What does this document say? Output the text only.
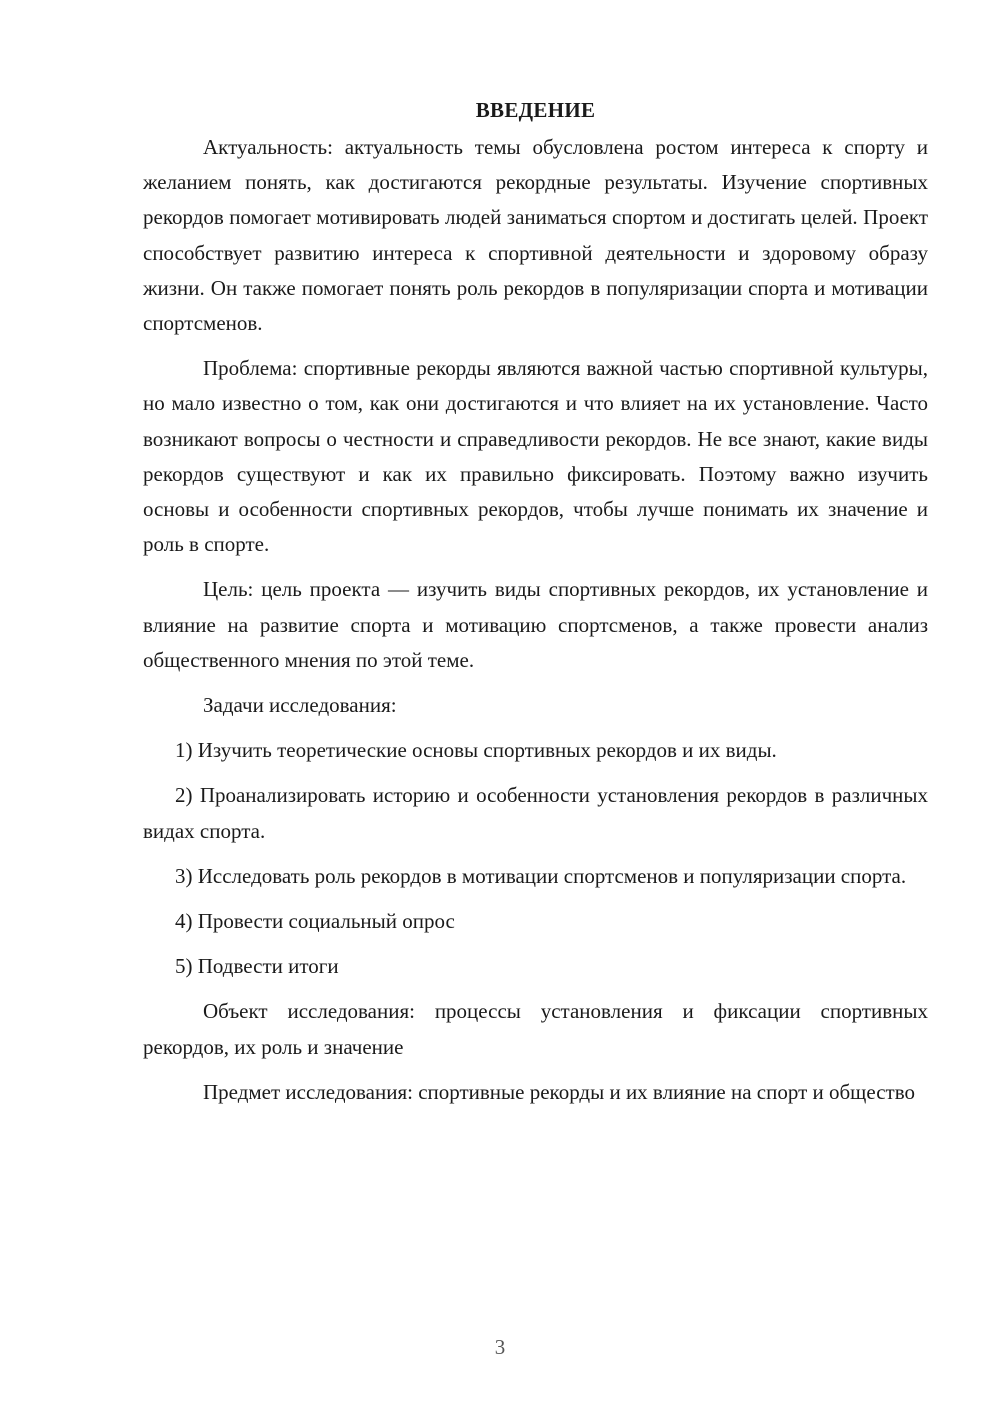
ВВЕДЕНИЕ

Актуальность: актуальность темы обусловлена ростом интереса к спорту и желанием понять, как достигаются рекордные результаты. Изучение спортивных рекордов помогает мотивировать людей заниматься спортом и достигать целей. Проект способствует развитию интереса к спортивной деятельности и здоровому образу жизни. Он также помогает понять роль рекордов в популяризации спорта и мотивации спортсменов.

Проблема: спортивные рекорды являются важной частью спортивной культуры, но мало известно о том, как они достигаются и что влияет на их установление. Часто возникают вопросы о честности и справедливости рекордов. Не все знают, какие виды рекордов существуют и как их правильно фиксировать. Поэтому важно изучить основы и особенности спортивных рекордов, чтобы лучше понимать их значение и роль в спорте.

Цель: цель проекта — изучить виды спортивных рекордов, их установление и влияние на развитие спорта и мотивацию спортсменов, а также провести анализ общественного мнения по этой теме.

Задачи исследования:

1) Изучить теоретические основы спортивных рекордов и их виды.

2) Проанализировать историю и особенности установления рекордов в различных видах спорта.

3) Исследовать роль рекордов в мотивации спортсменов и популяризации спорта.

4) Провести социальный опрос

5) Подвести итоги

Объект исследования: процессы установления и фиксации спортивных рекордов, их роль и значение

Предмет исследования: спортивные рекорды и их влияние на спорт и общество

3
